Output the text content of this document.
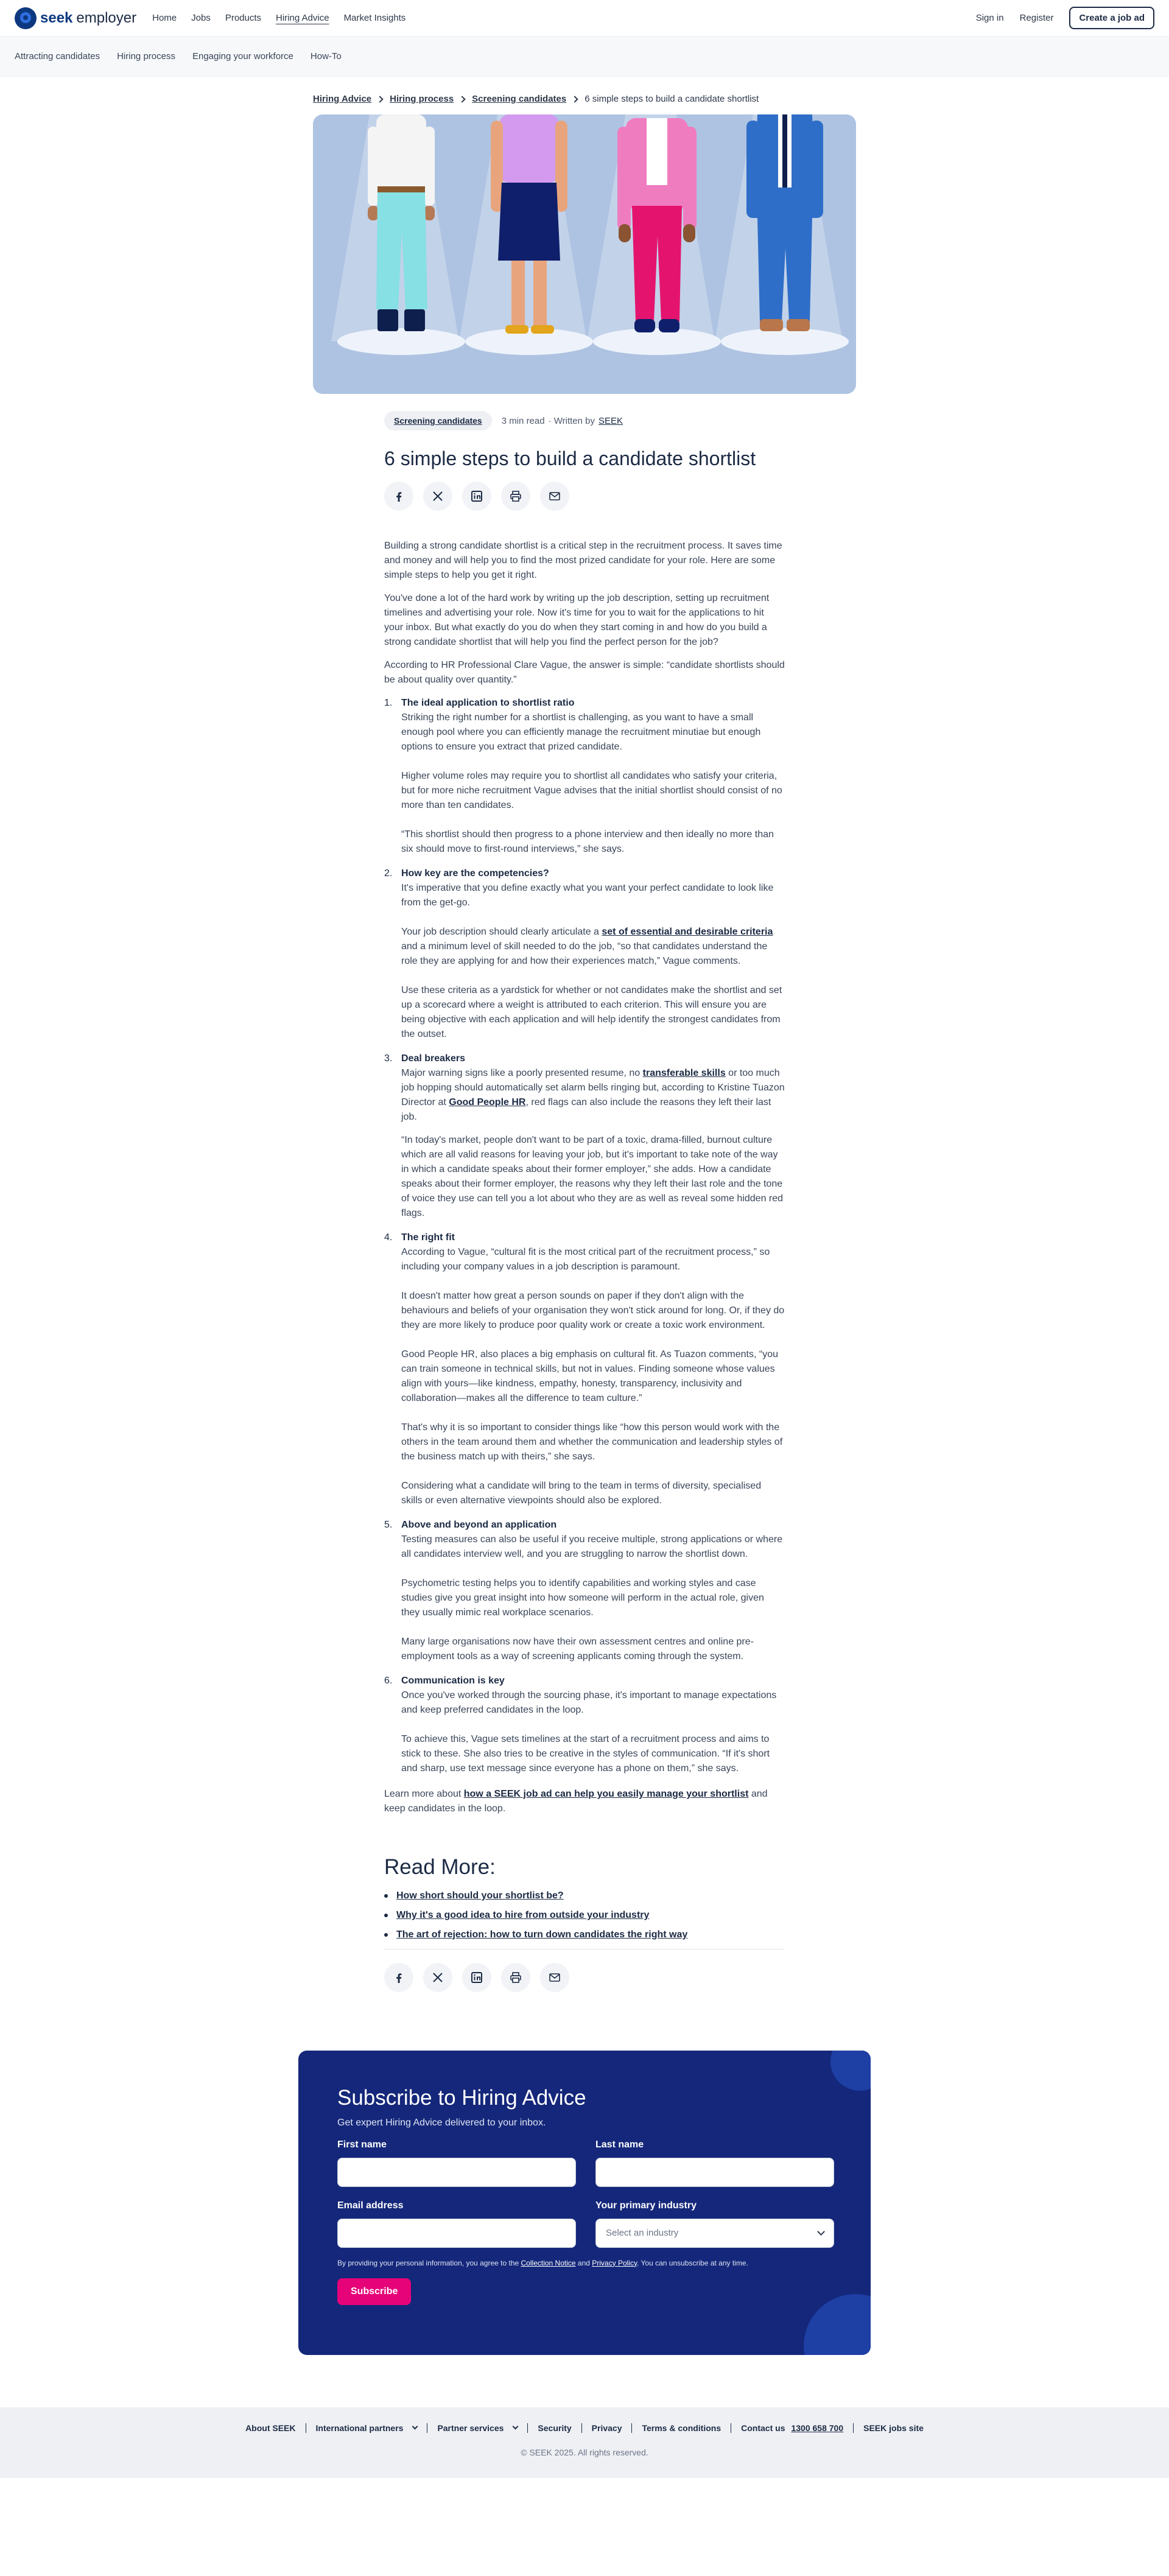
seek employer Home Jobs Products Hiring Advice Market Insights	Sign in Register	Create a job ad
Attracting candidates Hiring process Engaging your workforce How-To
Hiring Advice Hiring process Screening candidates 6 simple steps to build a candidate shortlist
Screening candidates	3 min read · Written by SEEK
6 simple steps to build a candidate shortlist

Building a strong candidate shortlist is a critical step in the recruitment process. It saves time and money and will help you to find the most prized candidate for your role. Here are some simple steps to help you get it right.

You've done a lot of the hard work by writing up the job description, setting up recruitment timelines and advertising your role. Now it's time for you to wait for the applications to hit your inbox. But what exactly do you do when they start coming in and how do you build a strong candidate shortlist that will help you find the perfect person for the job?

According to HR Professional Clare Vague, the answer is simple: “candidate shortlists should be about quality over quantity.”

1. The ideal application to shortlist ratio

Striking the right number for a shortlist is challenging, as you want to have a small enough pool where you can efficiently manage the recruitment minutiae but enough options to ensure you extract that prized candidate.

Higher volume roles may require you to shortlist all candidates who satisfy your criteria, but for more niche recruitment Vague advises that the initial shortlist should consist of no more than ten candidates.

“This shortlist should then progress to a phone interview and then ideally no more than six should move to first-round interviews,” she says.

2. How key are the competencies?

It's imperative that you define exactly what you want your perfect candidate to look like from the get-go.

Your job description should clearly articulate a set of essential and desirable criteria and a minimum level of skill needed to do the job, “so that candidates understand the role they are applying for and how their experiences match,” Vague comments.

Use these criteria as a yardstick for whether or not candidates make the shortlist and set up a scorecard where a weight is attributed to each criterion. This will ensure you are being objective with each application and will help identify the strongest candidates from the outset.

3. Deal breakers

Major warning signs like a poorly presented resume, no transferable skills or too much job hopping should automatically set alarm bells ringing but, according to Kristine Tuazon Director at Good People HR, red flags can also include the reasons they left their last job.

“In today's market, people don't want to be part of a toxic, drama-filled, burnout culture which are all valid reasons for leaving your job, but it's important to take note of the way in which a candidate speaks about their former employer,” she adds. How a candidate speaks about their former employer, the reasons why they left their last role and the tone of voice they use can tell you a lot about who they are as well as reveal some hidden red flags.

4. The right fit

According to Vague, “cultural fit is the most critical part of the recruitment process,” so including your company values in a job description is paramount.

It doesn't matter how great a person sounds on paper if they don't align with the behaviours and beliefs of your organisation they won't stick around for long. Or, if they do they are more likely to produce poor quality work or create a toxic work environment.

Good People HR, also places a big emphasis on cultural fit. As Tuazon comments, “you can train someone in technical skills, but not in values. Finding someone whose values align with yours—like kindness, empathy, honesty, transparency, inclusivity and collaboration—makes all the difference to team culture.”

That's why it is so important to consider things like “how this person would work with the others in the team around them and whether the communication and leadership styles of the business match up with theirs,” she says.

Considering what a candidate will bring to the team in terms of diversity, specialised skills or even alternative viewpoints should also be explored.

5. Above and beyond an application

Testing measures can also be useful if you receive multiple, strong applications or where all candidates interview well, and you are struggling to narrow the shortlist down.

Psychometric testing helps you to identify capabilities and working styles and case studies give you great insight into how someone will perform in the actual role, given they usually mimic real workplace scenarios.

Many large organisations now have their own assessment centres and online pre-employment tools as a way of screening applicants coming through the system.

6. Communication is key

Once you've worked through the sourcing phase, it's important to manage expectations and keep preferred candidates in the loop.

To achieve this, Vague sets timelines at the start of a recruitment process and aims to stick to these. She also tries to be creative in the styles of communication. “If it's short and sharp, use text message since everyone has a phone on them,” she says.

Learn more about how a SEEK job ad can help you easily manage your shortlist and keep candidates in the loop.

Read More:
How short should your shortlist be?
Why it's a good idea to hire from outside your industry
The art of rejection: how to turn down candidates the right way
Subscribe to Hiring Advice

Get expert Hiring Advice delivered to your inbox.

First name	Last name
Email address	Your primary industry
Select an industry

By providing your personal information, you agree to the Collection Notice and Privacy Policy. You can unsubscribe at any time.

Subscribe
About SEEK	International partners	Partner services	Security	Privacy	Terms & conditions	Contact us 1300 658 700	SEEK jobs site

© SEEK 2025. All rights reserved.
